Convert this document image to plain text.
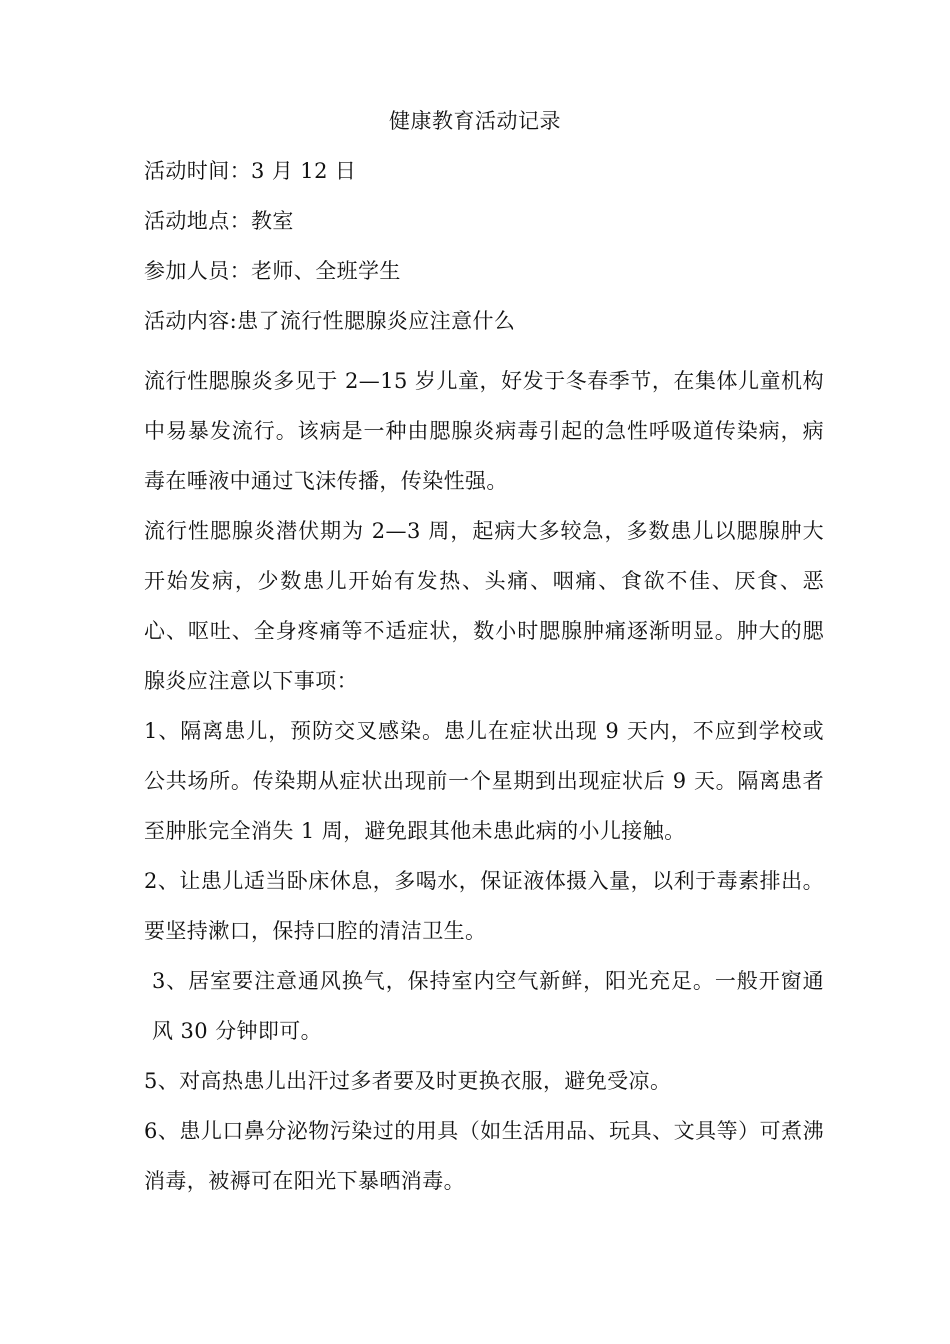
健康教育活动记录

活动时间：3 月 12 日

活动地点：教室

参加人员：老师、全班学生

活动内容:患了流行性腮腺炎应注意什么

流行性腮腺炎多见于 2—15 岁儿童，好发于冬春季节，在集体儿童机构中易暴发流行。该病是一种由腮腺炎病毒引起的急性呼吸道传染病，病毒在唾液中通过飞沫传播，传染性强。

流行性腮腺炎潜伏期为 2—3 周，起病大多较急，多数患儿以腮腺肿大开始发病，少数患儿开始有发热、头痛、咽痛、食欲不佳、厌食、恶心、呕吐、全身疼痛等不适症状，数小时腮腺肿痛逐渐明显。肿大的腮腺炎应注意以下事项：

1、隔离患儿，预防交叉感染。患儿在症状出现 9 天内，不应到学校或公共场所。传染期从症状出现前一个星期到出现症状后 9 天。隔离患者至肿胀完全消失 1 周，避免跟其他未患此病的小儿接触。

2、让患儿适当卧床休息，多喝水，保证液体摄入量，以利于毒素排出。要坚持漱口，保持口腔的清洁卫生。

3、居室要注意通风换气，保持室内空气新鲜，阳光充足。一般开窗通风 30 分钟即可。

5、对高热患儿出汗过多者要及时更换衣服，避免受凉。

6、患儿口鼻分泌物污染过的用具（如生活用品、玩具、文具等）可煮沸消毒，被褥可在阳光下暴晒消毒。
